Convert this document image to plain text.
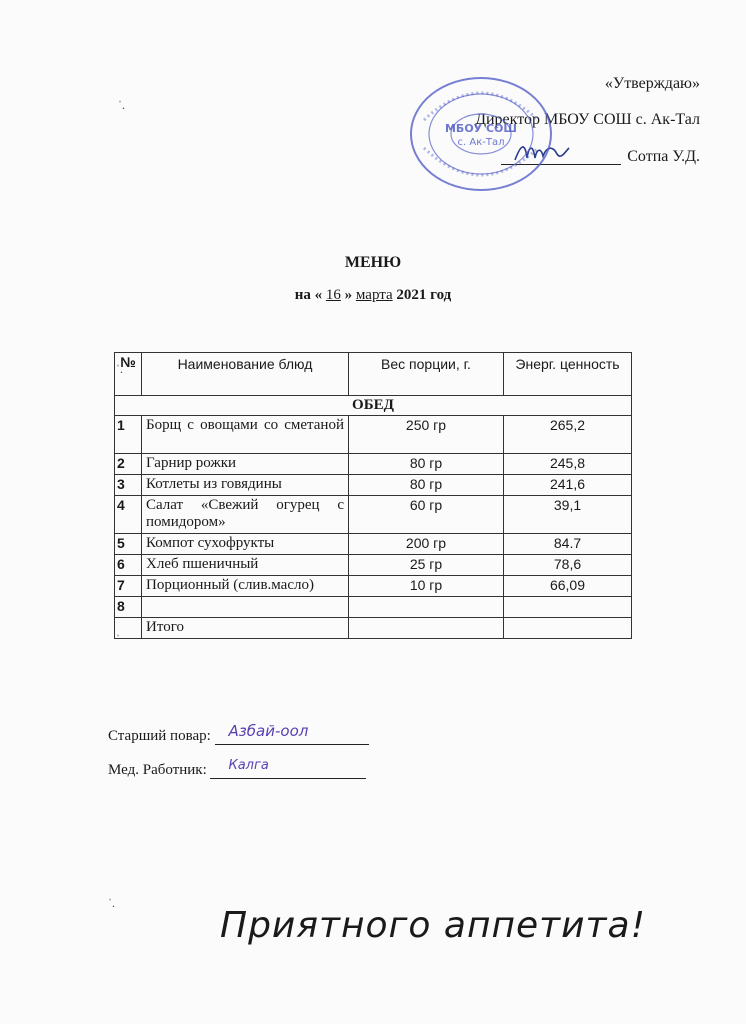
«Утверждаю»
Директор МБОУ СОШ с. Ак-Тал
Сотпа У.Д.
МБОУ СОШ
с. Ак-Тал
ˈ.
МЕНЮ
на « 16 » марта 2021 год
№	Наименование блюд	Вес порции, г.	Энерг. ценность
ОБЕД			
1	Борщ с овощами со сметаной	250 гр	265,2
2	Гарнир рожки	80 гр	245,8
3	Котлеты из говядины	80 гр	241,6
4	Салат «Свежий огурец с помидором»	60 гр	39,1
5	Компот сухофрукты	200 гр	84.7
6	Хлеб пшеничный	25 гр	78,6
7	Порционный (слив.масло)	10 гр	66,09
8			
	Итого		
ˈ.
ˈ
Старший повар: Азбай-оол
Мед. Работник: Калга
ˈ.
Приятного аппетита!
